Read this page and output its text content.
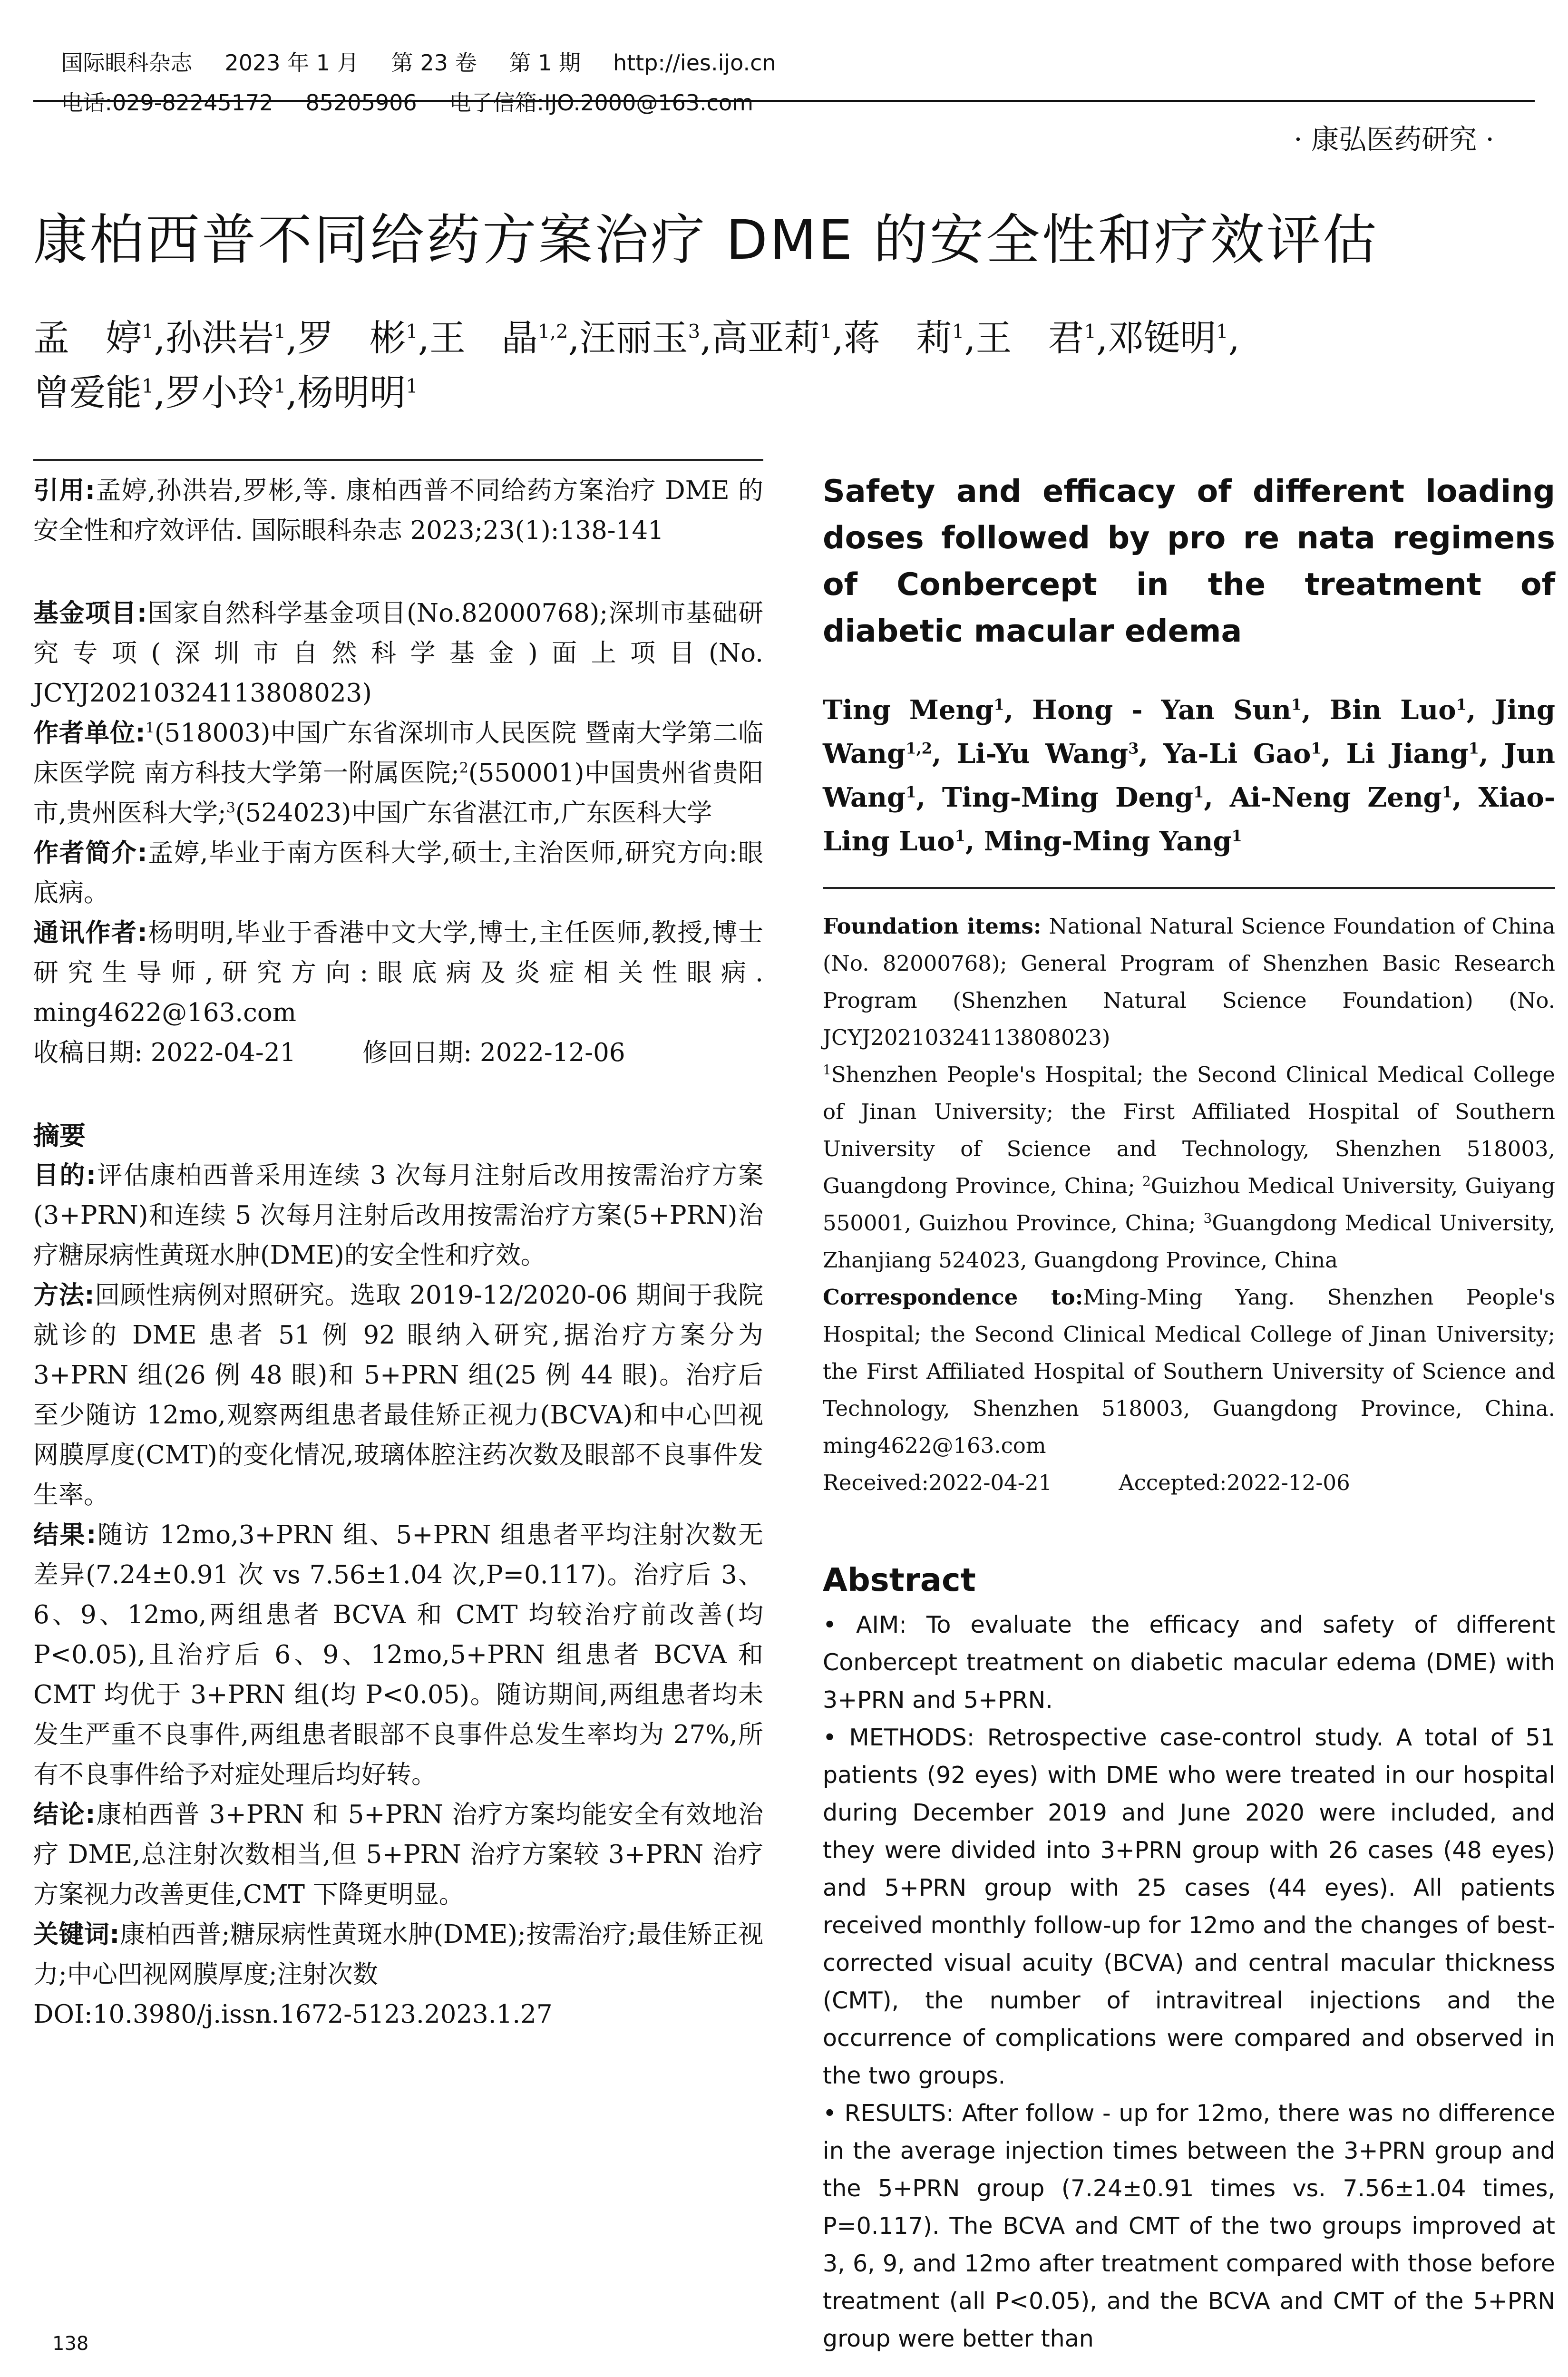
国际眼科杂志 2023 年 1 月 第 23 卷 第 1 期 http://ies.ijo.cn

电话:029-82245172 85205906 电子信箱:IJO.2000@163.com

· 康弘医药研究 ·
康柏西普不同给药方案治疗 DME 的安全性和疗效评估
孟　婷$^1$,孙洪岩$^1$,罗　彬$^1$,王　晶$^{1,2}$,汪丽玉$^3$,高亚莉$^1$,蒋　莉$^1$,王　君$^1$,邓铤明$^1$,
曾爱能$^1$,罗小玲$^1$,杨明明$^1$

引用:孟婷,孙洪岩,罗彬,等. 康柏西普不同给药方案治疗 DME 的安全性和疗效评估. 国际眼科杂志 2023;23(1):138-141

基金项目:国家自然科学基金项目(No.82000768);深圳市基础研究专项(深圳市自然科学基金)面上项目(No. JCYJ20210324113808023)

作者单位:$^1$(518003)中国广东省深圳市人民医院 暨南大学第二临床医学院 南方科技大学第一附属医院;$^2$(550001)中国贵州省贵阳市,贵州医科大学;$^3$(524023)中国广东省湛江市,广东医科大学

作者简介:孟婷,毕业于南方医科大学,硕士,主治医师,研究方向:眼底病。

通讯作者:杨明明,毕业于香港中文大学,博士,主任医师,教授,博士研究生导师,研究方向:眼底病及炎症相关性眼病. ming4622@163.com

收稿日期: 2022-04-21	修回日期: 2022-12-06

摘要

目的:评估康柏西普采用连续 3 次每月注射后改用按需治疗方案(3+PRN)和连续 5 次每月注射后改用按需治疗方案(5+PRN)治疗糖尿病性黄斑水肿(DME)的安全性和疗效。

方法:回顾性病例对照研究。选取 2019-12/2020-06 期间于我院就诊的 DME 患者 51 例 92 眼纳入研究,据治疗方案分为 3+PRN 组(26 例 48 眼)和 5+PRN 组(25 例 44 眼)。治疗后至少随访 12mo,观察两组患者最佳矫正视力(BCVA)和中心凹视网膜厚度(CMT)的变化情况,玻璃体腔注药次数及眼部不良事件发生率。

结果:随访 12mo,3+PRN 组、5+PRN 组患者平均注射次数无差异(7.24±0.91 次 vs 7.56±1.04 次,P=0.117)。治疗后 3、6、9、12mo,两组患者 BCVA 和 CMT 均较治疗前改善(均 P<0.05),且治疗后 6、9、12mo,5+PRN 组患者 BCVA 和 CMT 均优于 3+PRN 组(均 P<0.05)。随访期间,两组患者均未发生严重不良事件,两组患者眼部不良事件总发生率均为 27%,所有不良事件给予对症处理后均好转。

结论:康柏西普 3+PRN 和 5+PRN 治疗方案均能安全有效地治疗 DME,总注射次数相当,但 5+PRN 治疗方案较 3+PRN 治疗方案视力改善更佳,CMT 下降更明显。

关键词:康柏西普;糖尿病性黄斑水肿(DME);按需治疗;最佳矫正视力;中心凹视网膜厚度;注射次数

DOI:10.3980/j.issn.1672-5123.2023.1.27

138

Safety and efficacy of different loading doses followed by pro re nata regimens of Conbercept in the treatment of diabetic macular edema

Ting Meng$^1$, Hong - Yan Sun$^1$, Bin Luo$^1$, Jing Wang$^{1,2}$, Li-Yu Wang$^3$, Ya-Li Gao$^1$, Li Jiang$^1$, Jun Wang$^1$, Ting-Ming Deng$^1$, Ai-Neng Zeng$^1$, Xiao-Ling Luo$^1$, Ming-Ming Yang$^1$

Foundation items: National Natural Science Foundation of China (No. 82000768); General Program of Shenzhen Basic Research Program (Shenzhen Natural Science Foundation) (No. JCYJ20210324113808023)

$^1$Shenzhen People's Hospital; the Second Clinical Medical College of Jinan University; the First Affiliated Hospital of Southern University of Science and Technology, Shenzhen 518003, Guangdong Province, China; $^2$Guizhou Medical University, Guiyang 550001, Guizhou Province, China; $^3$Guangdong Medical University, Zhanjiang 524023, Guangdong Province, China

Correspondence to:Ming-Ming Yang. Shenzhen People's Hospital; the Second Clinical Medical College of Jinan University; the First Affiliated Hospital of Southern University of Science and Technology, Shenzhen 518003, Guangdong Province, China. ming4622@163.com

Received:2022-04-21	Accepted:2022-12-06

Abstract

• AIM: To evaluate the efficacy and safety of different Conbercept treatment on diabetic macular edema (DME) with 3+PRN and 5+PRN.

• METHODS: Retrospective case-control study. A total of 51 patients (92 eyes) with DME who were treated in our hospital during December 2019 and June 2020 were included, and they were divided into 3+PRN group with 26 cases (48 eyes) and 5+PRN group with 25 cases (44 eyes). All patients received monthly follow-up for 12mo and the changes of best-corrected visual acuity (BCVA) and central macular thickness (CMT), the number of intravitreal injections and the occurrence of complications were compared and observed in the two groups.

• RESULTS: After follow - up for 12mo, there was no difference in the average injection times between the 3+PRN group and the 5+PRN group (7.24±0.91 times vs. 7.56±1.04 times, P=0.117). The BCVA and CMT of the two groups improved at 3, 6, 9, and 12mo after treatment compared with those before treatment (all P<0.05), and the BCVA and CMT of the 5+PRN group were better than
